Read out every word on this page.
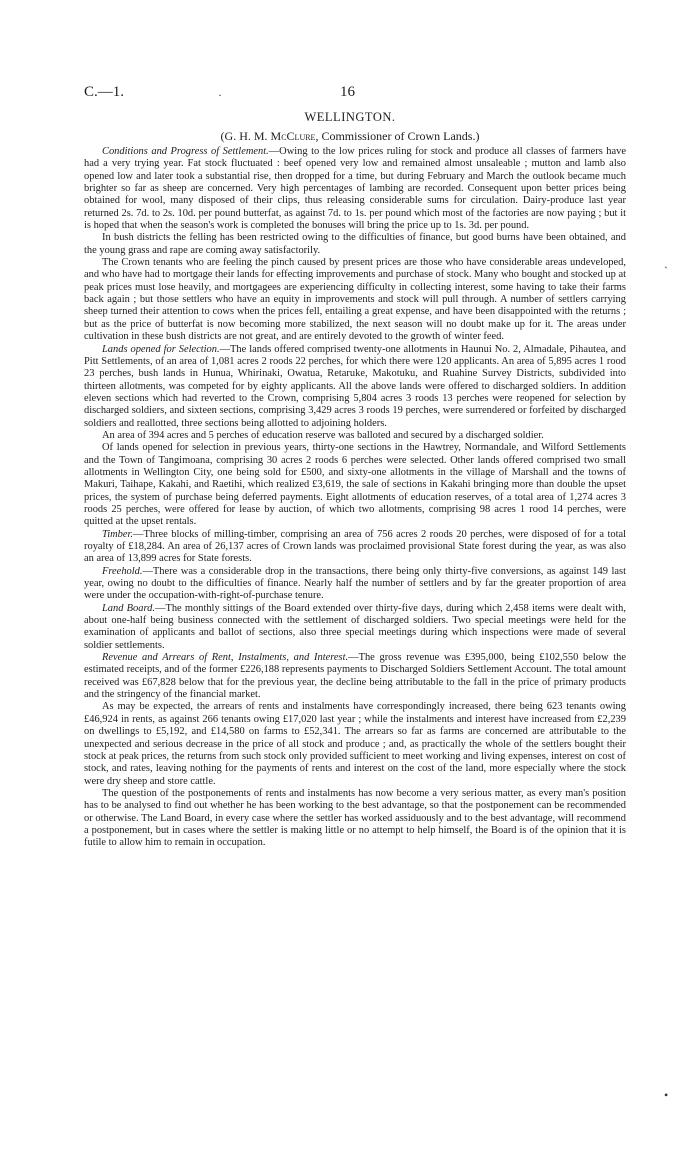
C.—1.	16
WELLINGTON.
(G. H. M. McClure, Commissioner of Crown Lands.)

Conditions and Progress of Settlement.—Owing to the low prices ruling for stock and produce all classes of farmers have had a very trying year. Fat stock fluctuated : beef opened very low and remained almost unsaleable ; mutton and lamb also opened low and later took a substantial rise, then dropped for a time, but during February and March the outlook became much brighter so far as sheep are concerned. Very high percentages of lambing are recorded. Consequent upon better prices being obtained for wool, many disposed of their clips, thus releasing considerable sums for circulation. Dairy-produce last year returned 2s. 7d. to 2s. 10d. per pound butterfat, as against 7d. to 1s. per pound which most of the factories are now paying ; but it is hoped that when the season's work is completed the bonuses will bring the price up to 1s. 3d. per pound.

In bush districts the felling has been restricted owing to the difficulties of finance, but good burns have been obtained, and the young grass and rape are coming away satisfactorily.

The Crown tenants who are feeling the pinch caused by present prices are those who have considerable areas undeveloped, and who have had to mortgage their lands for effecting improvements and purchase of stock. Many who bought and stocked up at peak prices must lose heavily, and mortgagees are experiencing difficulty in collecting interest, some having to take their farms back again ; but those settlers who have an equity in improvements and stock will pull through. A number of settlers carrying sheep turned their attention to cows when the prices fell, entailing a great expense, and have been disappointed with the returns ; but as the price of butterfat is now becoming more stabilized, the next season will no doubt make up for it. The areas under cultivation in these bush districts are not great, and are entirely devoted to the growth of winter feed.

Lands opened for Selection.—The lands offered comprised twenty-one allotments in Haunui No. 2, Almadale, Pihautea, and Pitt Settlements, of an area of 1,081 acres 2 roods 22 perches, for which there were 120 applicants. An area of 5,895 acres 1 rood 23 perches, bush lands in Hunua, Whirinaki, Owatua, Retaruke, Makotuku, and Ruahine Survey Districts, subdivided into thirteen allotments, was competed for by eighty applicants. All the above lands were offered to discharged soldiers. In addition eleven sections which had reverted to the Crown, comprising 5,804 acres 3 roods 13 perches were reopened for selection by discharged soldiers, and sixteen sections, comprising 3,429 acres 3 roods 19 perches, were surrendered or forfeited by discharged soldiers and reallotted, three sections being allotted to adjoining holders.

An area of 394 acres and 5 perches of education reserve was balloted and secured by a discharged soldier.

Of lands opened for selection in previous years, thirty-one sections in the Hawtrey, Normandale, and Wilford Settlements and the Town of Tangimoana, comprising 30 acres 2 roods 6 perches were selected. Other lands offered comprised two small allotments in Wellington City, one being sold for £500, and sixty-one allotments in the village of Marshall and the towns of Makuri, Taihape, Kakahi, and Raetihi, which realized £3,619, the sale of sections in Kakahi bringing more than double the upset prices, the system of purchase being deferred payments. Eight allotments of education reserves, of a total area of 1,274 acres 3 roods 25 perches, were offered for lease by auction, of which two allotments, comprising 98 acres 1 rood 14 perches, were quitted at the upset rentals.

Timber.—Three blocks of milling-timber, comprising an area of 756 acres 2 roods 20 perches, were disposed of for a total royalty of £18,284. An area of 26,137 acres of Crown lands was proclaimed provisional State forest during the year, as was also an area of 13,899 acres for State forests.

Freehold.—There was a considerable drop in the transactions, there being only thirty-five conversions, as against 149 last year, owing no doubt to the difficulties of finance. Nearly half the number of settlers and by far the greater proportion of area were under the occupation-with-right-of-purchase tenure.

Land Board.—The monthly sittings of the Board extended over thirty-five days, during which 2,458 items were dealt with, about one-half being business connected with the settlement of discharged soldiers. Two special meetings were held for the examination of applicants and ballot of sections, also three special meetings during which inspections were made of several soldier settlements.

Revenue and Arrears of Rent, Instalments, and Interest.—The gross revenue was £395,000, being £102,550 below the estimated receipts, and of the former £226,188 represents payments to Discharged Soldiers Settlement Account. The total amount received was £67,828 below that for the previous year, the decline being attributable to the fall in the price of primary products and the stringency of the financial market.

As may be expected, the arrears of rents and instalments have correspondingly increased, there being 623 tenants owing £46,924 in rents, as against 266 tenants owing £17,020 last year ; while the instalments and interest have increased from £2,239 on dwellings to £5,192, and £14,580 on farms to £52,341. The arrears so far as farms are concerned are attributable to the unexpected and serious decrease in the price of all stock and produce ; and, as practically the whole of the settlers bought their stock at peak prices, the returns from such stock only provided sufficient to meet working and living expenses, interest on cost of stock, and rates, leaving nothing for the payments of rents and interest on the cost of the land, more especially where the stock were dry sheep and store cattle.

The question of the postponements of rents and instalments has now become a very serious matter, as every man's position has to be analysed to find out whether he has been working to the best advantage, so that the postponement can be recommended or otherwise. The Land Board, in every case where the settler has worked assiduously and to the best advantage, will recommend a postponement, but in cases where the settler is making little or no attempt to help himself, the Board is of the opinion that it is futile to allow him to remain in occupation.

·
`
•
